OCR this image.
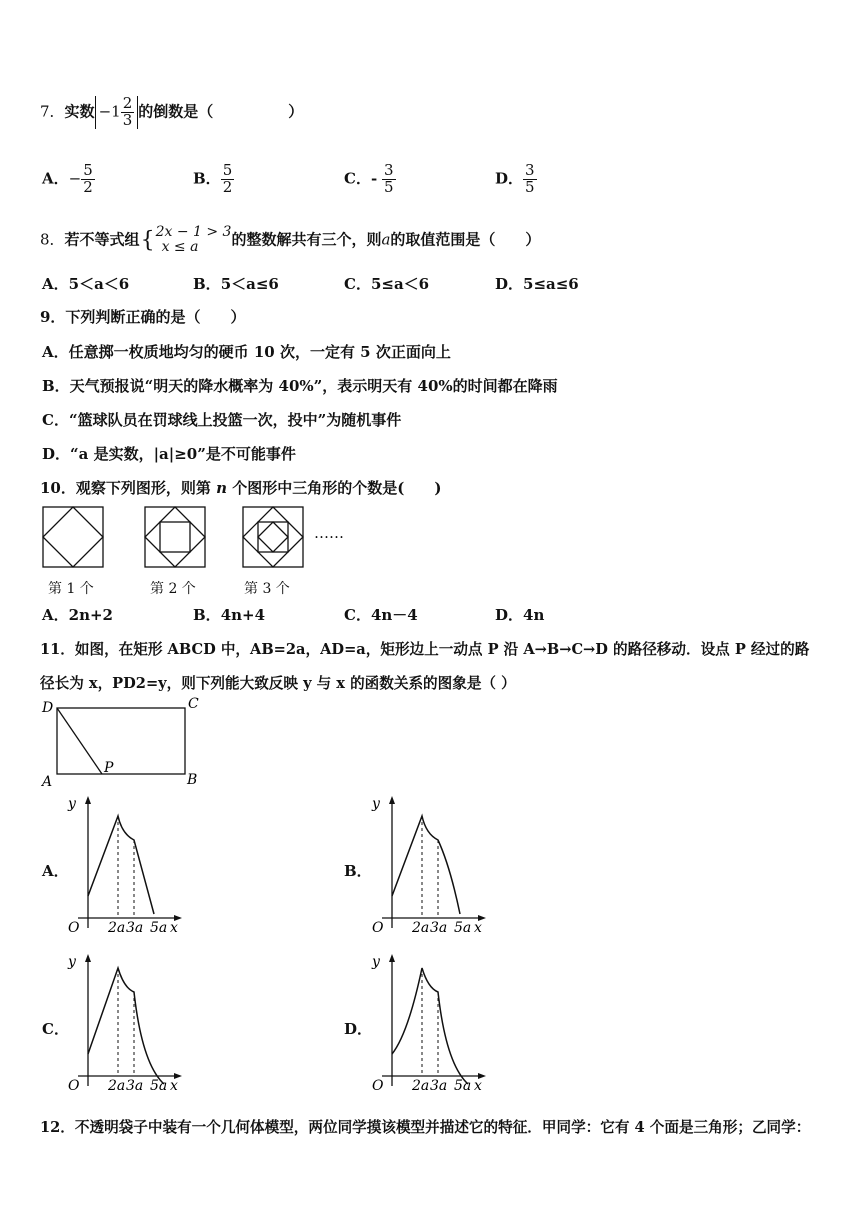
7．实数 $-1 \frac{2}{3}$ 的倒数是（　　　　　）
A．− $\frac{5}{2}$	B． $\frac{5}{2}$	C．- $\frac{3}{5}$	D． $\frac{3}{5}$
8．若不等式组{ 2x − 1 > 3
x ≤ a	的整数解共有三个，则a的取值范围是（　　）
A．5＜a＜6	B．5＜a≤6	C．5≤a＜6	D．5≤a≤6
9．下列判断正确的是（　　）
A．任意掷一枚质地均匀的硬币 10 次，一定有 5 次正面向上
B．天气预报说“明天的降水概率为 40%”，表示明天有 40%的时间都在降雨
C．“篮球队员在罚球线上投篮一次，投中”为随机事件
D．“a 是实数，|a|≥0”是不可能事件
10．观察下列图形，则第 n 个图形中三角形的个数是(　　)
……
第 1 个	第 2 个	第 3 个
A．2n+2	B．4n+4	C．4n－4	D．4n
11．如图，在矩形 ABCD 中，AB=2a，AD=a，矩形边上一动点 P 沿 A→B→C→D 的路径移动．设点 P 经过的路
径长为 x，PD2=y，则下列能大致反映 y 与 x 的函数关系的图象是（ ）
D	C
A	B
P
A．	B．
C．	D．
12．不透明袋子中装有一个几何体模型，两位同学摸该模型并描述它的特征．甲同学：它有 4 个面是三角形；乙同学：
y
O 2a 3a 5a x
y
O 2a 3a 5a x
y
O 2a 3a 5a x
y
O 2a 3a 5a x
